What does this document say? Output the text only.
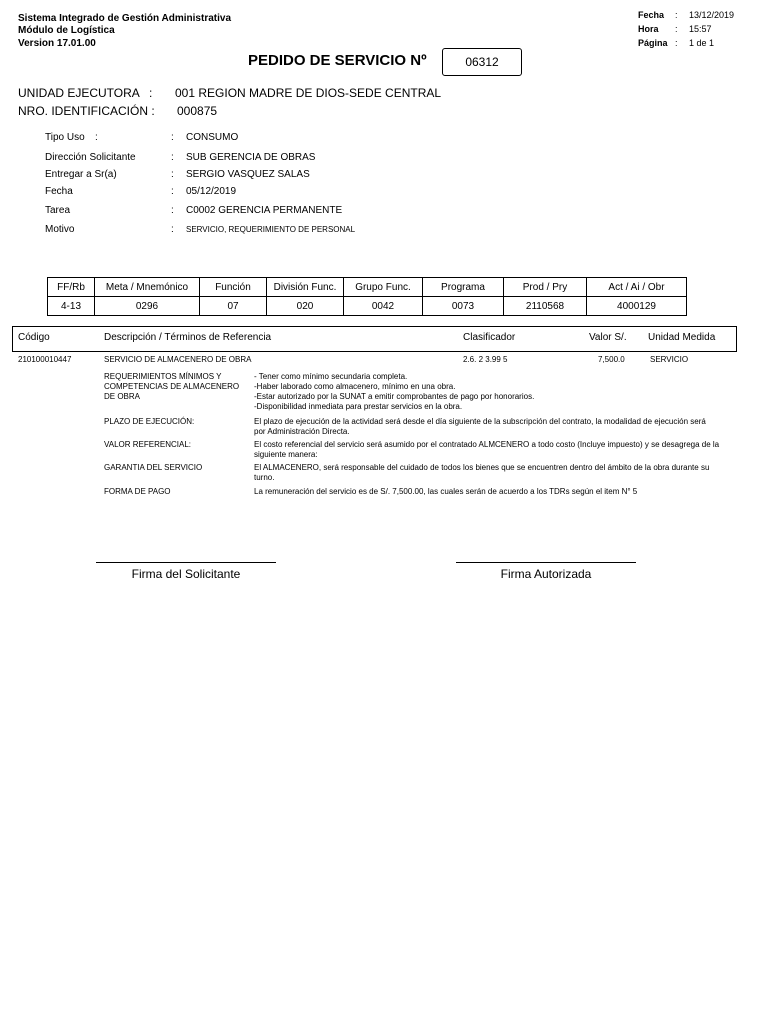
Sistema Integrado de Gestión Administrativa
Módulo de Logística
Version 17.01.00
Fecha : 13/12/2019
Hora : 15:57
Página : 1 de 1
PEDIDO DE SERVICIO Nº	06312
UNIDAD EJECUTORA : 001 REGION MADRE DE DIOS-SEDE CENTRAL
NRO. IDENTIFICACIÓN : 000875
Tipo Uso :	: CONSUMO
Dirección Solicitante	: SUB GERENCIA DE OBRAS
Entregar a Sr(a)	: SERGIO VASQUEZ SALAS
Fecha	: 05/12/2019
Tarea	: C0002 GERENCIA PERMANENTE
Motivo	: SERVICIO, REQUERIMIENTO DE PERSONAL
FF/Rb	Meta / Mnemónico	Función	División Func.	Grupo Func.	Programa	Prod / Pry	Act / Ai / Obr
4-13	0296	07	020	0042	0073	2110568	4000129
Código	Descripción / Términos de Referencia	Clasificador	Valor S/. Unidad Medida
210100010447	SERVICIO DE ALMACENERO DE OBRA	2.6. 2 3.99 5	7,500.0	SERVICIO
REQUERIMIENTOS MÍNIMOS Y COMPETENCIAS DE ALMACENERO DE OBRA
- Tener como mínimo secundaria completa.
-Haber laborado como almacenero, mínimo en una obra.
-Estar autorizado por la SUNAT a emitir comprobantes de pago por honorarios.
-Disponibilidad inmediata para prestar servicios en la obra.
PLAZO DE EJECUCIÓN:	El plazo de ejecución de la actividad será desde el día siguiente de la subscripción del contrato, la modalidad de ejecución será por Administración Directa.
VALOR REFERENCIAL:	El costo referencial del servicio será asumido por el contratado ALMCENERO a todo costo (Incluye impuesto) y se desagrega de la siguiente manera:
GARANTIA DEL SERVICIO	El ALMACENERO, será responsable del cuidado de todos los bienes que se encuentren dentro del ámbito de la obra durante su turno.
FORMA DE PAGO	La remuneración del servicio es de S/. 7,500.00, las cuales serán de acuerdo a los TDRs según el item N° 5
Firma del Solicitante	Firma Autorizada
